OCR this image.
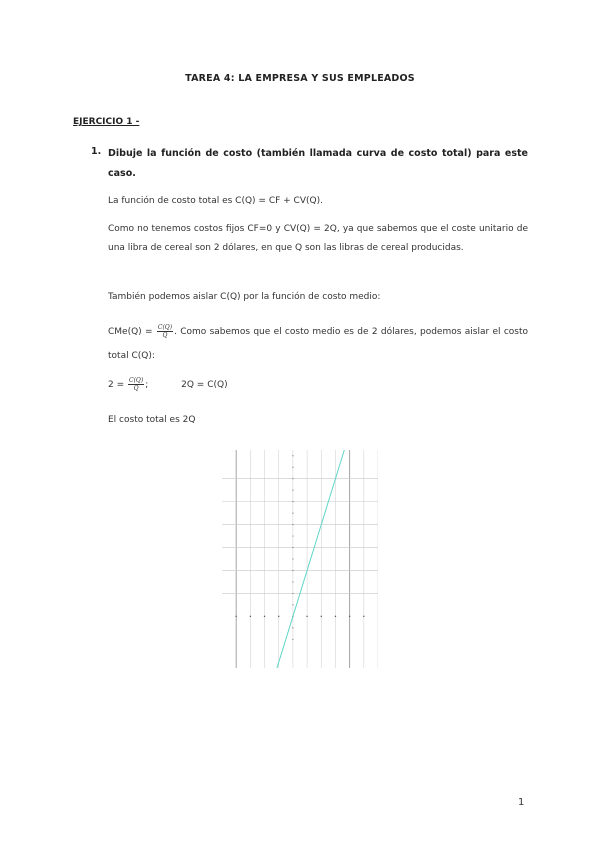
TAREA 4: LA EMPRESA Y SUS EMPLEADOS
EJERCICIO 1 -
1. Dibuje la función de costo (también llamada curva de costo total) para este caso.
La función de costo total es C(Q) = CF + CV(Q).
Como no tenemos costos fijos CF=0 y CV(Q) = 2Q, ya que sabemos que el coste unitario de una libra de cereal son 2 dólares, en que Q son las libras de cereal producidas.
También podemos aislar C(Q) por la función de costo medio:
$CMe(Q) = \frac{C(Q)}{Q}$ . Como sabemos que el costo medio es de 2 dólares, podemos aislar el costo total C(Q):
$2 = \frac{C(Q)}{Q}$ ;	2Q = C(Q)
El costo total es 2Q
1
